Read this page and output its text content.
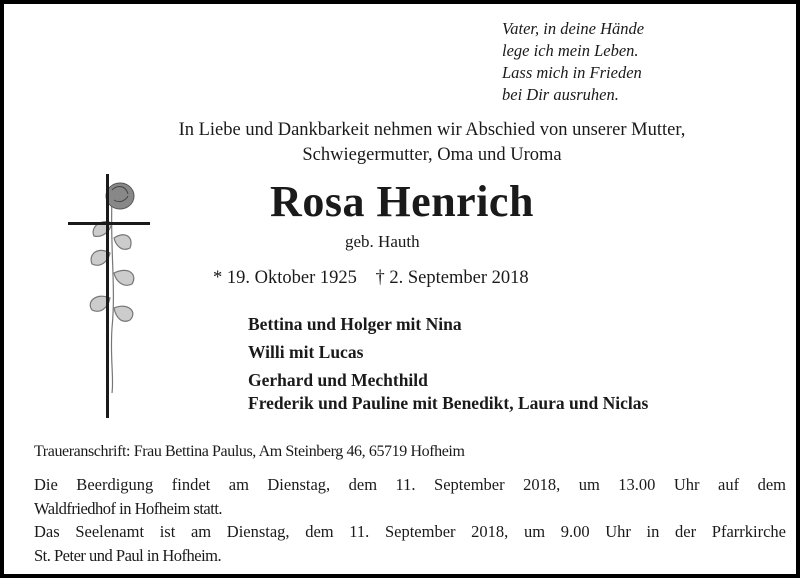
Vater, in deine Hände
lege ich mein Leben.
Lass mich in Frieden
bei Dir ausruhen.
In Liebe und Dankbarkeit nehmen wir Abschied von unserer Mutter,
Schwiegermutter, Oma und Uroma
Rosa Henrich
geb. Hauth
* 19. Oktober 1925 † 2. September 2018
Bettina und Holger mit Nina
Willi mit Lucas
Gerhard und Mechthild
Frederik und Pauline mit Benedikt, Laura und Niclas
Traueranschrift: Frau Bettina Paulus, Am Steinberg 46, 65719 Hofheim

Die Beerdigung findet am Dienstag, dem 11. September 2018, um 13.00 Uhr auf dem

Waldfriedhof in Hofheim statt.

Das Seelenamt ist am Dienstag, dem 11. September 2018, um 9.00 Uhr in der Pfarrkirche

St. Peter und Paul in Hofheim.
